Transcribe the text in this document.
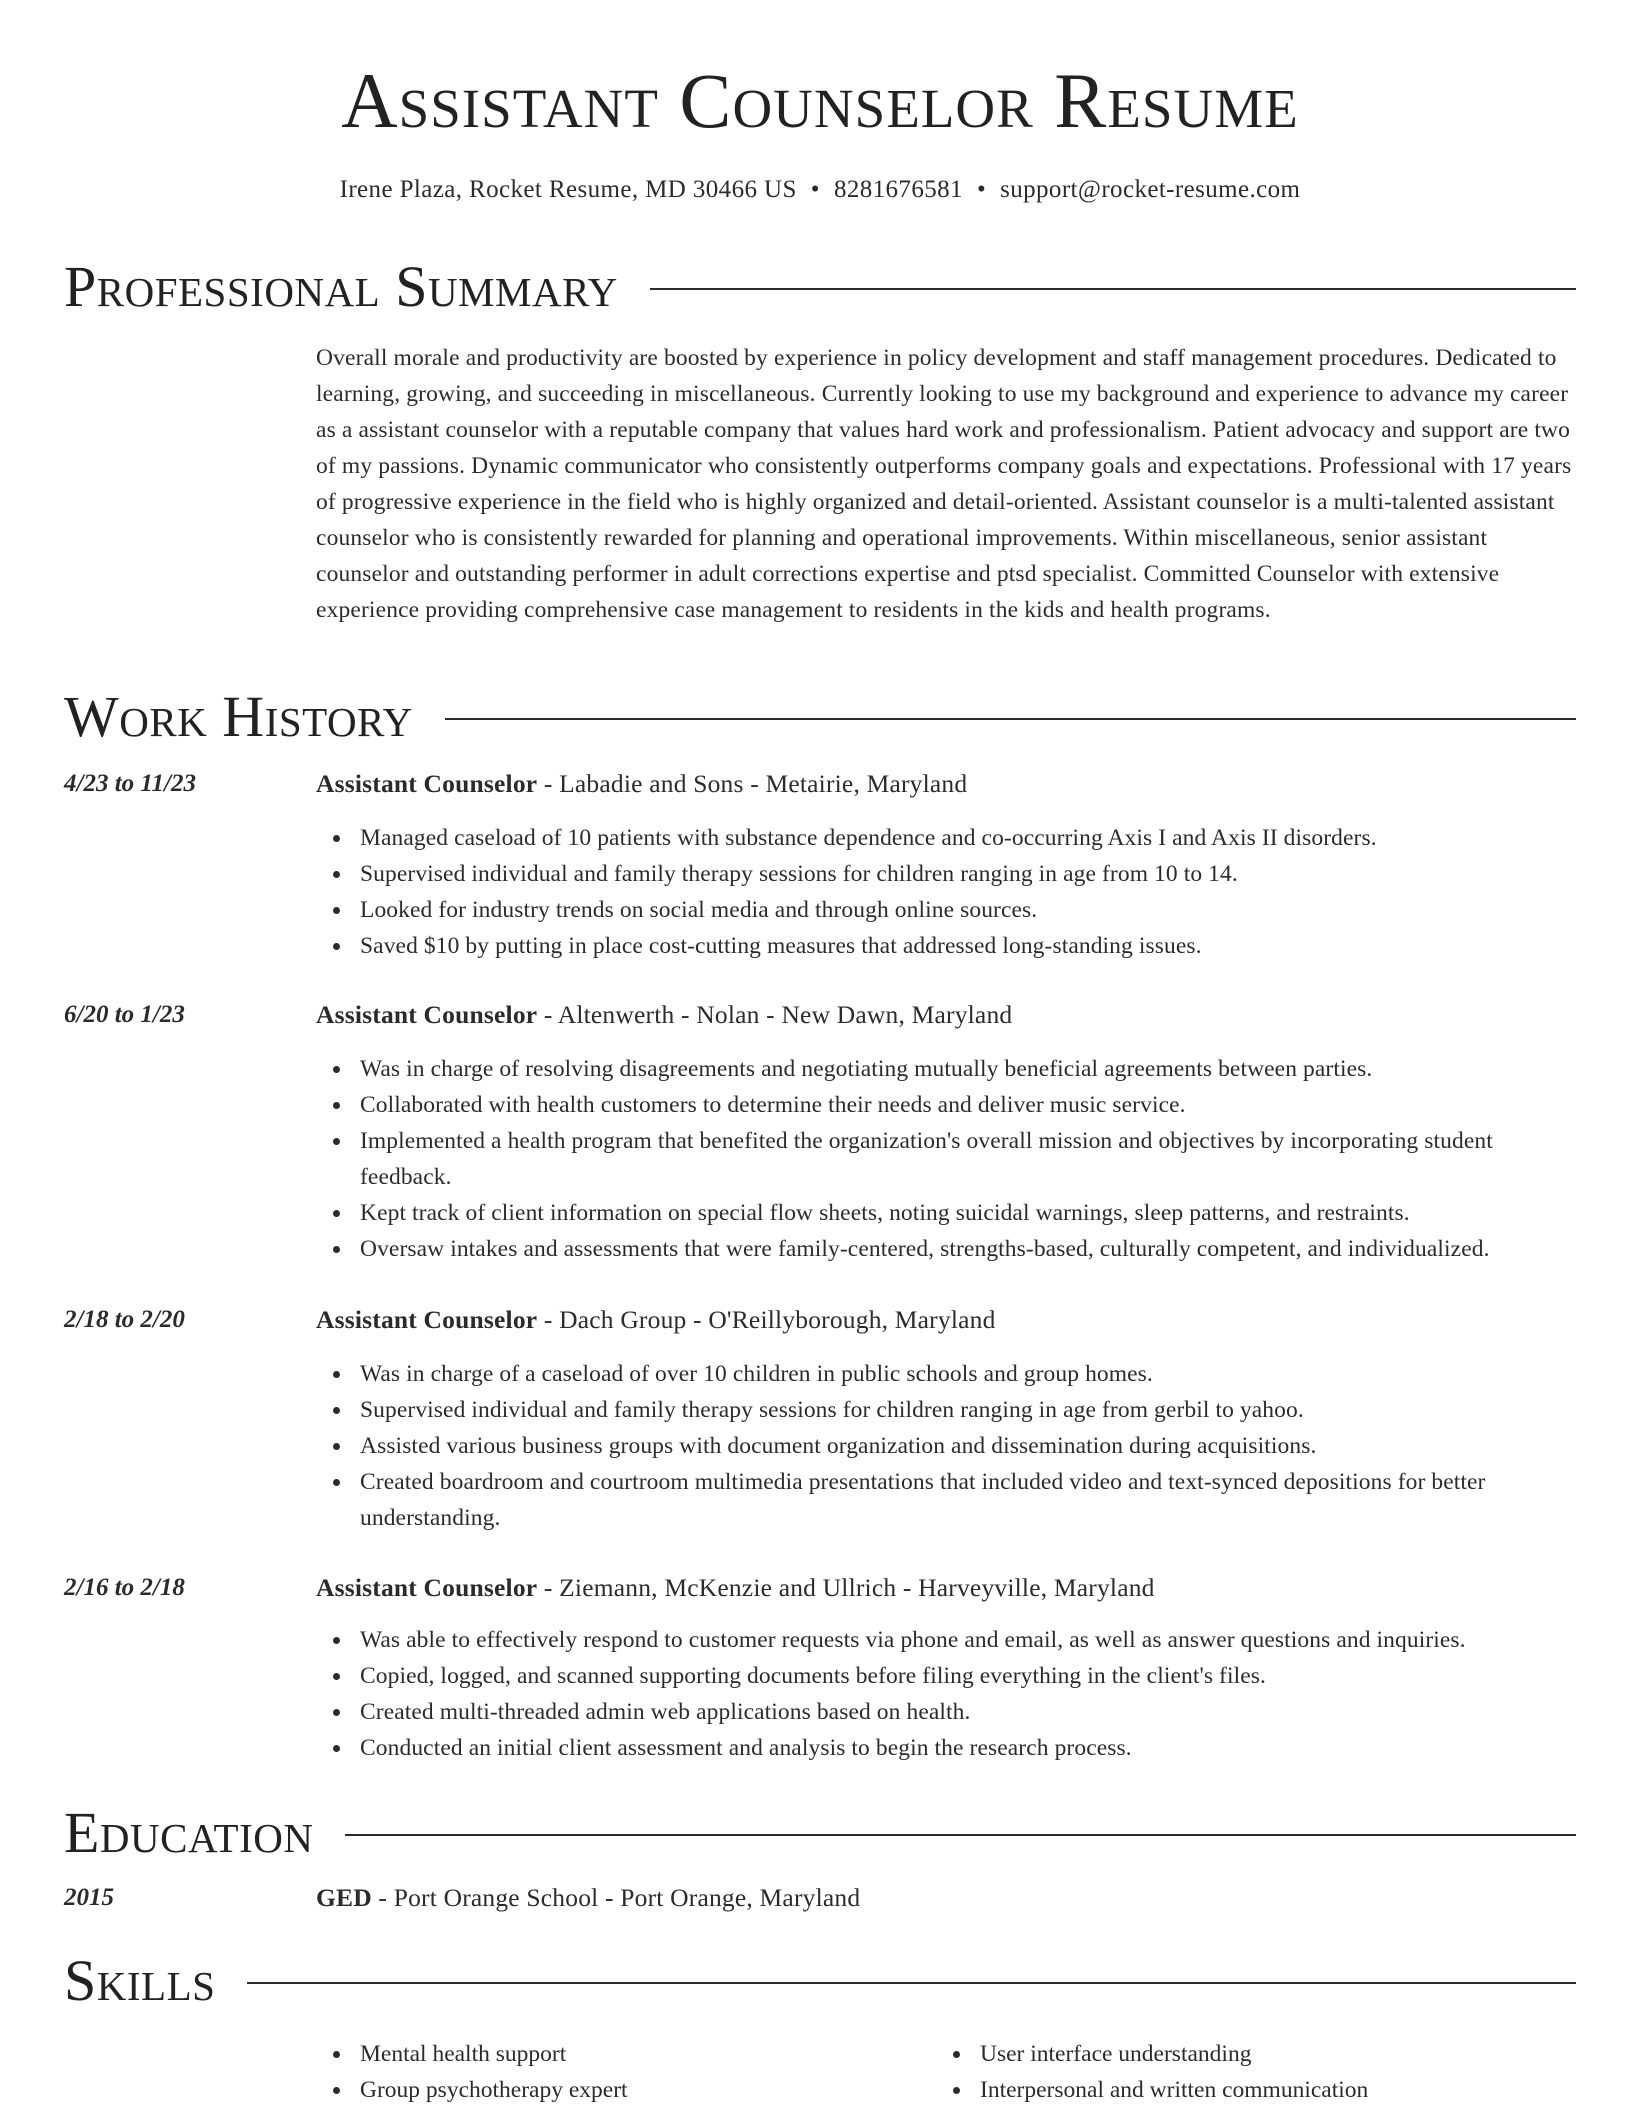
Assistant Counselor Resume
Irene Plaza, Rocket Resume, MD 30466 US • 8281676581 • support@rocket-resume.com
Professional Summary

Overall morale and productivity are boosted by experience in policy development and staff management procedures. Dedicated to learning, growing, and succeeding in miscellaneous. Currently looking to use my background and experience to advance my career as a assistant counselor with a reputable company that values hard work and professionalism. Patient advocacy and support are two of my passions. Dynamic communicator who consistently outperforms company goals and expectations. Professional with 17 years of progressive experience in the field who is highly organized and detail-oriented. Assistant counselor is a multi-talented assistant counselor who is consistently rewarded for planning and operational improvements. Within miscellaneous, senior assistant counselor and outstanding performer in adult corrections expertise and ptsd specialist. Committed Counselor with extensive experience providing comprehensive case management to residents in the kids and health programs.

Work History
4/23 to 11/23	Assistant Counselor - Labadie and Sons - Metairie, Maryland
Managed caseload of 10 patients with substance dependence and co-occurring Axis I and Axis II disorders.
Supervised individual and family therapy sessions for children ranging in age from 10 to 14.
Looked for industry trends on social media and through online sources.
Saved $10 by putting in place cost-cutting measures that addressed long-standing issues.
6/20 to 1/23	Assistant Counselor - Altenwerth - Nolan - New Dawn, Maryland
Was in charge of resolving disagreements and negotiating mutually beneficial agreements between parties.
Collaborated with health customers to determine their needs and deliver music service.
Implemented a health program that benefited the organization's overall mission and objectives by incorporating student feedback.
Kept track of client information on special flow sheets, noting suicidal warnings, sleep patterns, and restraints.
Oversaw intakes and assessments that were family-centered, strengths-based, culturally competent, and individualized.
2/18 to 2/20	Assistant Counselor - Dach Group - O'Reillyborough, Maryland
Was in charge of a caseload of over 10 children in public schools and group homes.
Supervised individual and family therapy sessions for children ranging in age from gerbil to yahoo.
Assisted various business groups with document organization and dissemination during acquisitions.
Created boardroom and courtroom multimedia presentations that included video and text-synced depositions for better understanding.
2/16 to 2/18	Assistant Counselor - Ziemann, McKenzie and Ullrich - Harveyville, Maryland
Was able to effectively respond to customer requests via phone and email, as well as answer questions and inquiries.
Copied, logged, and scanned supporting documents before filing everything in the client's files.
Created multi-threaded admin web applications based on health.
Conducted an initial client assessment and analysis to begin the research process.
Education
2015	GED - Port Orange School - Port Orange, Maryland
Skills
Mental health support
Group psychotherapy expert
User interface understanding
Interpersonal and written communication
